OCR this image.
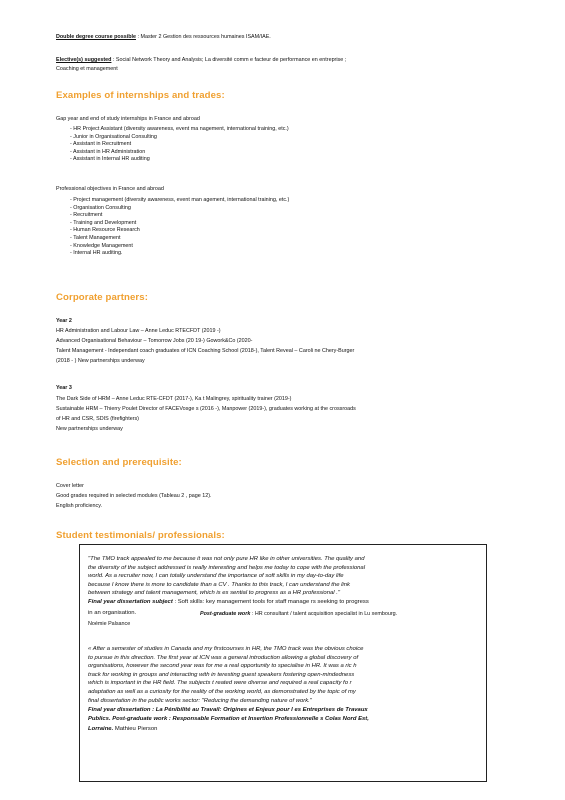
Double degree course possible : Master 2 Gestion des ressources humaines ISAM/IAE.
Elective(s) suggested : Social Network Theory and Analysis; La diversité comm e facteur de performance en entreprise ;
Coaching et management
Examples of internships and trades:
Gap year and end of study internships in France and abroad
- HR Project Assistant (diversity awareness, event ma nagement, international training, etc.)
- Junior in Organisational Consulting
- Assistant in Recruitment
- Assistant in HR Administration
- Assistant in Internal HR auditing
Professional objectives in France and abroad
- Project management (diversity awareness, event man agement, international training, etc.)
- Organisation Consulting
- Recruitment
- Training and Development
- Human Resource Research
- Talent Management
- Knowledge Management
- Internal HR auditing.
Corporate partners:
Year 2
HR Administration and Labour Law – Anne Leduc RTECFDT (2019 -)
Advanced Organisational Behaviour – Tomorrow Jobs (20 19-) Gowork&Co (2020-
Talent Management - Independant coach graduates of ICN Coaching School (2018-), Talent Reveal – Caroli ne Chery-Burger
(2018 - ) New partnerships underway
Year 3
The Dark Side of HRM – Anne Leduc RTE-CFDT (2017-), Ka t Malingrey, spirituality trainer (2019-)
Sustainable HRM – Thierry Poulet Director of FACEVosge s (2016 -), Manpower (2019-), graduates working at the crossroads
of HR and CSR, SDIS (firefighters)
New partnerships underway
Selection and prerequisite:
Cover letter
Good grades required in selected modules (Tableau 2 , page 12).
English proficiency.
Student testimonials/ professionals:
"The TMO track appealed to me because it was not only pure HR like in other universities. The quality and
the diversity of the subject addressed is really interesting and helps me today to cope with the professional
world. As a recruiter now, I can totally understand the importance of soft skills in my day-to-day life
because I know there is more to candidate than a CV . Thanks to this track, I can understand the link
between strategy and talent management, which is es sential to progress as a HR professional ."
Final year dissertation subject : Soft skills: key management tools for staff manage rs seeking to progress
in an organisation.	Post-graduate work : HR consultant / talent acquisition specialist in Lu xembourg.
Noémie Palsance
« After a semester of studies in Canada and my firstcourses in HR, the TMO track was the obvious choice
to pursue in this direction. The first year at ICN was a general introduction allowing a global discovery of
organisations, however the second year was for me a real opportunity to specialise in HR. It was a ric h
track for working in groups and interacting with in teresting guest speakers fostering open-mindedness
which is important in the HR field. The subjects t reated were diverse and required a real capacity fo r
adaptation as well as a curiosity for the reality of the working world, as demonstrated by the topic of my
final dissertation in the public works sector: "Reducing the demanding nature of work."
Final year dissertation : La Pénibilité au Travail: Origines et Enjeux pour l es Entreprises de Travaux
Publics. Post-graduate work : Responsable Formation et Insertion Professionnelle s Colas Nord Est,
Lorraine. Mathieu Pierson
